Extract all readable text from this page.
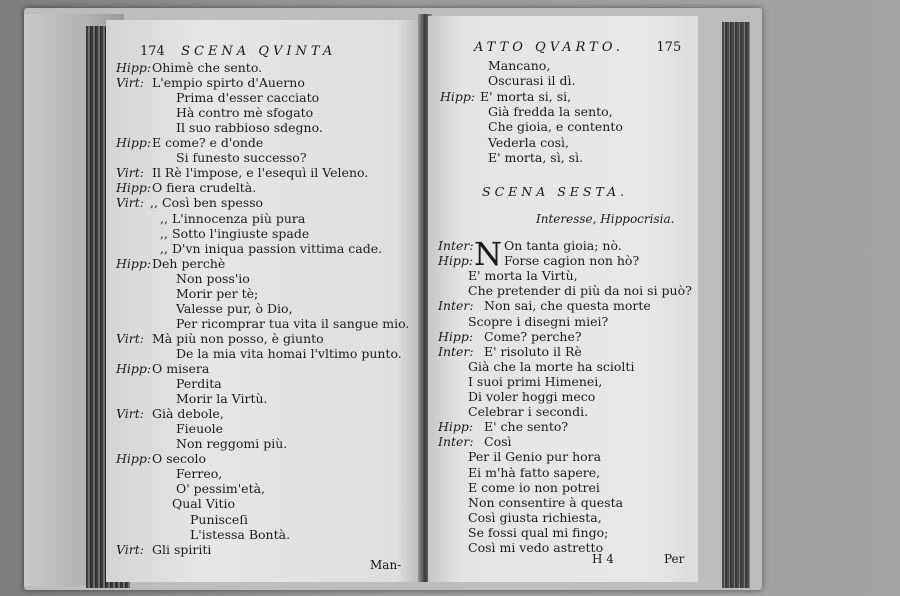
174 SCENA QVINTA
Hipp: Ohimè che sento.
Virt: L'empio spirto d'Auerno
Prima d'esser cacciato
Hà contro mè sfogato
Il suo rabbioso sdegno.
Hipp: E come? e d'onde
Si funesto successo?
Virt: Il Rè l'impose, e l'esequì il Veleno.
Hipp: O fiera crudeltà.
Virt: Così ben spesso
,,
L'innocenza più pura
,,
Sotto l'ingiuste spade
,,
D'vn iniqua passion vittima cade.
,,
Hipp: Deh perchè
Non poss'io
Morir per tè;
Valesse pur, ò Dio,
Per ricomprar tua vita il sangue mio.
Virt: Mà più non posso, è giunto
De la mia vita homai l'vltimo punto.
Hipp: O misera
Perdita
Morir la Virtù.
Virt: Già debole,
Fieuole
Non reggomi più.
Hipp: O secolo
Ferreo,
O' pessim'età,
Qual Vitio
Punisceſi
L'istessa Bontà.
Virt: Gli spiriti
Man-
ATTO QVARTO.	175
Mancano,
Oscurasi il dì.
Hipp: E' morta si, si,
Già fredda la sento,
Che gioia, e contento
Vederla così,
E' morta, sì, sì.
SCENA SESTA.
Interesse, Hippocrisia.
N
Inter: On tanta gioia; nò.
Hipp: Forse cagion non hò?
E' morta la Virtù,
Che pretender di più da noi si può?
Inter: Non sai, che questa morte
Scopre i disegni miei?
Hipp: Come? perche?
Inter: E' risoluto il Rè
Già che la morte ha sciolti
I suoi primi Himenei,
Di voler hoggi meco
Celebrar i secondi.
Hipp: E' che sento?
Inter: Così
Per il Genio pur hora
Ei m'hà fatto sapere,
E come io non potrei
Non consentire à questa
Così giusta richiesta,
Se fossi qual mi fingo;
Così mi vedo astretto
H 4	Per
